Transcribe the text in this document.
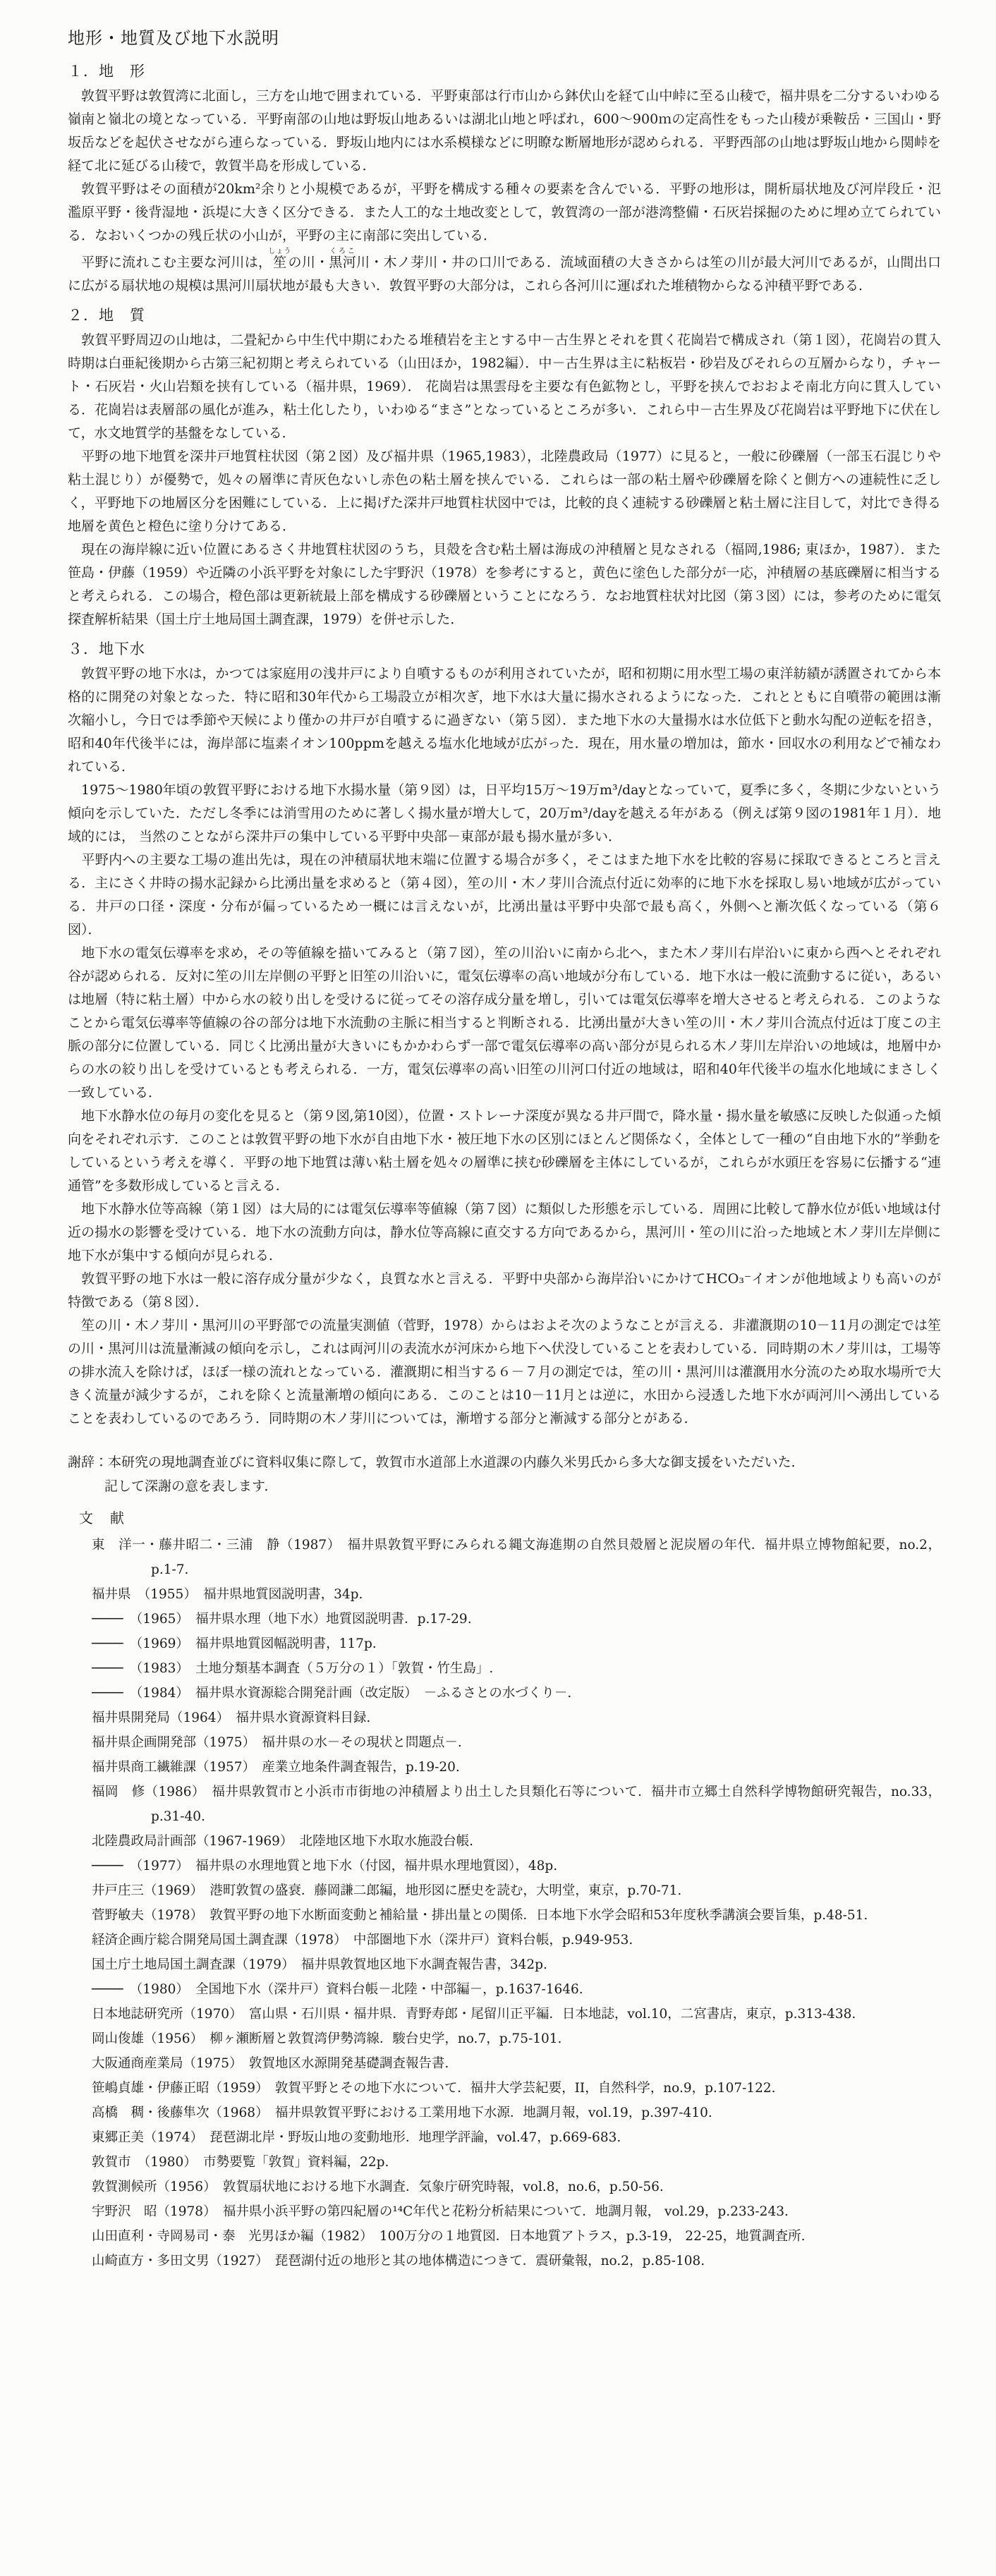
地形・地質及び地下水説明
１．地　形

　敦賀平野は敦賀湾に北面し，三方を山地で囲まれている．平野東部は行市山から鉢伏山を経て山中峠に至る山稜で，福井県を二分するいわゆる嶺南と嶺北の境となっている．平野南部の山地は野坂山地あるいは湖北山地と呼ばれ，600～900ｍの定高性をもった山稜が乗鞍岳・三国山・野坂岳などを起伏させながら連らなっている．野坂山地内には水系模様などに明瞭な断層地形が認められる．平野西部の山地は野坂山地から関峠を経て北に延びる山稜で，敦賀半島を形成している．

　敦賀平野はその面積が20km²余りと小規模であるが，平野を構成する種々の要素を含んでいる．平野の地形は，開析扇状地及び河岸段丘・氾濫原平野・後背湿地・浜堤に大きく区分できる．また人工的な土地改変として，敦賀湾の一部が港湾整備・石灰岩採掘のために埋め立てられている．なおいくつかの残丘状の小山が，平野の主に南部に突出している．

　平野に流れこむ主要な河川は，笙しょうの川・黒河くろこ川・木ノ芽川・井の口川である．流域面積の大きさからは笙の川が最大河川であるが，山間出口に広がる扇状地の規模は黒河川扇状地が最も大きい．敦賀平野の大部分は，これら各河川に運ばれた堆積物からなる沖積平野である．

２．地　質

　敦賀平野周辺の山地は，二畳紀から中生代中期にわたる堆積岩を主とする中－古生界とそれを貫く花崗岩で構成され（第１図），花崗岩の貫入時期は白亜紀後期から古第三紀初期と考えられている（山田ほか，1982編）．中－古生界は主に粘板岩・砂岩及びそれらの互層からなり，チャート・石灰岩・火山岩類を挟有している（福井県，1969）． 花崗岩は黒雲母を主要な有色鉱物とし，平野を挟んでおおよそ南北方向に貫入している．花崗岩は表層部の風化が進み，粘土化したり，いわゆる“まさ”となっているところが多い．これら中－古生界及び花崗岩は平野地下に伏在して，水文地質学的基盤をなしている．

　平野の地下地質を深井戸地質柱状図（第２図）及び福井県（1965,1983），北陸農政局（1977）に見ると，一般に砂礫層（一部玉石混じりや粘土混じり）が優勢で，処々の層準に青灰色ないし赤色の粘土層を挟んでいる．これらは一部の粘土層や砂礫層を除くと側方への連続性に乏しく，平野地下の地層区分を困難にしている．上に掲げた深井戸地質柱状図中では，比較的良く連続する砂礫層と粘土層に注目して，対比でき得る地層を黄色と橙色に塗り分けてある．

　現在の海岸線に近い位置にあるさく井地質柱状図のうち，貝殻を含む粘土層は海成の沖積層と見なされる（福岡,1986; 東ほか，1987）．また笹島・伊藤（1959）や近隣の小浜平野を対象にした宇野沢（1978）を参考にすると，黄色に塗色した部分が一応，沖積層の基底礫層に相当すると考えられる．この場合，橙色部は更新統最上部を構成する砂礫層ということになろう．なお地質柱状対比図（第３図）には，参考のために電気探査解析結果（国土庁土地局国土調査課，1979）を併せ示した．

３．地下水

　敦賀平野の地下水は，かつては家庭用の浅井戸により自噴するものが利用されていたが，昭和初期に用水型工場の東洋紡績が誘置されてから本格的に開発の対象となった．特に昭和30年代から工場設立が相次ぎ，地下水は大量に揚水されるようになった．これとともに自噴帯の範囲は漸次縮小し，今日では季節や天候により僅かの井戸が自噴するに過ぎない（第５図）．また地下水の大量揚水は水位低下と動水勾配の逆転を招き，昭和40年代後半には，海岸部に塩素イオン100ppmを越える塩水化地域が広がった．現在，用水量の増加は，節水・回収水の利用などで補なわれている．

　1975～1980年頃の敦賀平野における地下水揚水量（第９図）は，日平均15万～19万m³/dayとなっていて，夏季に多く，冬期に少ないという傾向を示していた．ただし冬季には消雪用のために著しく揚水量が増大して，20万m³/dayを越える年がある（例えば第９図の1981年１月）．地域的には， 当然のことながら深井戸の集中している平野中央部－東部が最も揚水量が多い．

　平野内への主要な工場の進出先は，現在の沖積扇状地末端に位置する場合が多く，そこはまた地下水を比較的容易に採取できるところと言える．主にさく井時の揚水記録から比湧出量を求めると（第４図），笙の川・木ノ芽川合流点付近に効率的に地下水を採取し易い地域が広がっている．井戸の口径・深度・分布が偏っているため一概には言えないが，比湧出量は平野中央部で最も高く，外側へと漸次低くなっている（第６図）．

　地下水の電気伝導率を求め，その等値線を描いてみると（第７図），笙の川沿いに南から北へ，また木ノ芽川右岸沿いに東から西へとそれぞれ谷が認められる．反対に笙の川左岸側の平野と旧笙の川沿いに，電気伝導率の高い地域が分布している．地下水は一般に流動するに従い，あるいは地層（特に粘土層）中から水の絞り出しを受けるに従ってその溶存成分量を増し，引いては電気伝導率を増大させると考えられる．このようなことから電気伝導率等値線の谷の部分は地下水流動の主脈に相当すると判断される．比湧出量が大きい笙の川・木ノ芽川合流点付近は丁度この主脈の部分に位置している．同じく比湧出量が大きいにもかかわらず一部で電気伝導率の高い部分が見られる木ノ芽川左岸沿いの地域は，地層中からの水の絞り出しを受けているとも考えられる．一方，電気伝導率の高い旧笙の川河口付近の地域は，昭和40年代後半の塩水化地域にまさしく一致している．

　地下水静水位の毎月の変化を見ると（第９図,第10図），位置・ストレーナ深度が異なる井戸間で，降水量・揚水量を敏感に反映した似通った傾向をそれぞれ示す．このことは敦賀平野の地下水が自由地下水・被圧地下水の区別にほとんど関係なく，全体として一種の“自由地下水的”挙動をしているという考えを導く．平野の地下地質は薄い粘土層を処々の層準に挟む砂礫層を主体にしているが，これらが水頭圧を容易に伝播する“連通管”を多数形成していると言える．

　地下水静水位等高線（第１図）は大局的には電気伝導率等値線（第７図）に類似した形態を示している．周囲に比較して静水位が低い地域は付近の揚水の影響を受けている．地下水の流動方向は，静水位等高線に直交する方向であるから，黒河川・笙の川に沿った地域と木ノ芽川左岸側に地下水が集中する傾向が見られる．

　敦賀平野の地下水は一般に溶存成分量が少なく，良質な水と言える．平野中央部から海岸沿いにかけてHCO₃⁻イオンが他地域よりも高いのが特徴である（第８図）．

　笙の川・木ノ芽川・黒河川の平野部での流量実測値（菅野，1978）からはおよそ次のようなことが言える．非灌漑期の10－11月の測定では笙の川・黒河川は流量漸減の傾向を示し，これは両河川の表流水が河床から地下へ伏没していることを表わしている．同時期の木ノ芽川は，工場等の排水流入を除けば，ほぼ一様の流れとなっている．灌漑期に相当する６－７月の測定では，笙の川・黒河川は灌漑用水分流のため取水場所で大きく流量が減少するが，これを除くと流量漸増の傾向にある．このことは10－11月とは逆に，水田から浸透した地下水が両河川へ湧出していることを表わしているのであろう．同時期の木ノ芽川については，漸増する部分と漸減する部分とがある．

謝辞：本研究の現地調査並びに資料収集に際して，敦賀市水道部上水道課の内藤久米男氏から多大な御支援をいただいた．
記して深謝の意を表します．
文　献
東　洋一・藤井昭二・三浦　静（1987）　福井県敦賀平野にみられる縄文海進期の自然貝殻層と泥炭層の年代．福井県立博物館紀要，no.2，p.1-7.
福井県　（1955）　福井県地質図説明書，34p.
────　（1965）　福井県水理（地下水）地質図説明書．p.17-29.
────　（1969）　福井県地質図幅説明書，117p.
────　（1983）　土地分類基本調査（５万分の１）「敦賀・竹生島」.
────　（1984）　福井県水資源総合開発計画（改定版）　－ふるさとの水づくり－.
福井県開発局（1964）　福井県水資源資料目録.
福井県企画開発部（1975）　福井県の水－その現状と問題点－.
福井県商工繊維課（1957）　産業立地条件調査報告，p.19-20.
福岡　修（1986）　福井県敦賀市と小浜市市街地の沖積層より出土した貝類化石等について．福井市立郷土自然科学博物館研究報告，no.33，p.31-40.
北陸農政局計画部（1967-1969）　北陸地区地下水取水施設台帳.
────　（1977）　福井県の水理地質と地下水（付図，福井県水理地質図），48p.
井戸庄三（1969）　港町敦賀の盛衰．藤岡謙二郎編，地形図に歴史を読む，大明堂，東京，p.70-71.
菅野敏夫（1978）　敦賀平野の地下水断面変動と補給量・排出量との関係．日本地下水学会昭和53年度秋季講演会要旨集，p.48-51.
経済企画庁総合開発局国土調査課（1978）　中部圏地下水（深井戸）資料台帳，p.949-953.
国土庁土地局国土調査課（1979）　福井県敦賀地区地下水調査報告書，342p.
────　（1980）　全国地下水（深井戸）資料台帳－北陸・中部編－，p.1637-1646.
日本地誌研究所（1970）　富山県・石川県・福井県．青野寿郎・尾留川正平編．日本地誌，vol.10，二宮書店，東京，p.313-438.
岡山俊雄（1956）　柳ヶ瀬断層と敦賀湾伊勢湾線．駿台史学，no.7，p.75-101.
大阪通商産業局（1975）　敦賀地区水源開発基礎調査報告書.
笹嶋貞雄・伊藤正昭（1959）　敦賀平野とその地下水について．福井大学芸紀要，II，自然科学，no.9，p.107-122.
高橋　稠・後藤隼次（1968）　福井県敦賀平野における工業用地下水源．地調月報，vol.19，p.397-410.
東郷正美（1974）　琵琶湖北岸・野坂山地の変動地形．地理学評論，vol.47，p.669-683.
敦賀市　（1980）　市勢要覧「敦賀」資料編，22p.
敦賀測候所（1956）　敦賀扇状地における地下水調査．気象庁研究時報，vol.8，no.6，p.50-56.
宇野沢　昭（1978）　福井県小浜平野の第四紀層の¹⁴C年代と花粉分析結果について．地調月報， vol.29，p.233-243.
山田直利・寺岡易司・泰　光男ほか編（1982）　100万分の１地質図．日本地質アトラス，p.3-19， 22-25，地質調査所.
山崎直方・多田文男（1927）　琵琶湖付近の地形と其の地体構造につきて．震研彙報，no.2，p.85-108.
